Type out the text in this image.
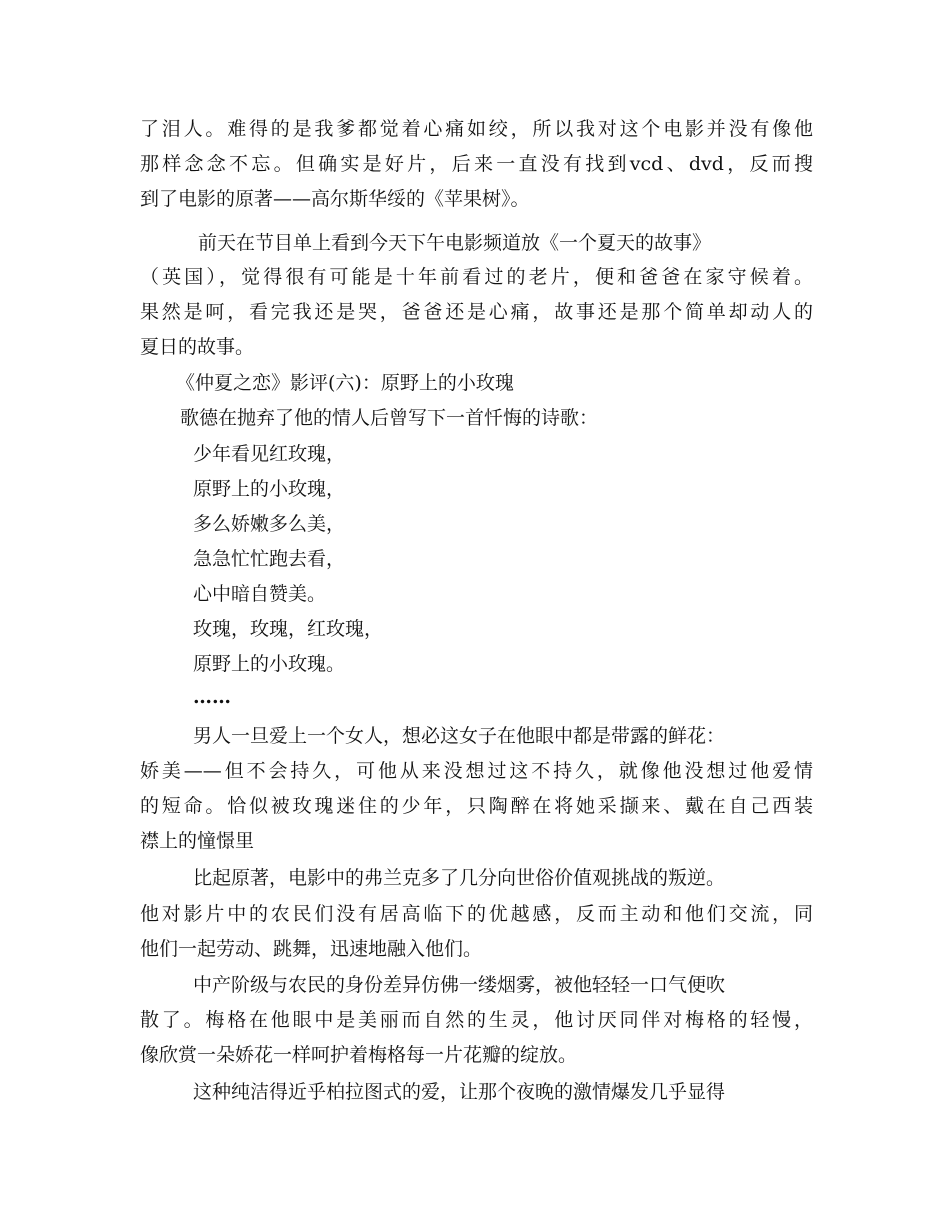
了泪人。难得的是我爹都觉着心痛如绞，所以我对这个电影并没有像他
那样念念不忘。但确实是好片，后来一直没有找到vcd、dvd，反而搜
到了电影的原著——高尔斯华绥的《苹果树》。
前天在节目单上看到今天下午电影频道放《一个夏天的故事》
（英国），觉得很有可能是十年前看过的老片，便和爸爸在家守候着。
果然是呵，看完我还是哭，爸爸还是心痛，故事还是那个简单却动人的
夏日的故事。
《仲夏之恋》影评(六)：原野上的小玫瑰
歌德在抛弃了他的情人后曾写下一首忏悔的诗歌：
少年看见红玫瑰，
原野上的小玫瑰，
多么娇嫩多么美，
急急忙忙跑去看，
心中暗自赞美。
玫瑰，玫瑰，红玫瑰，
原野上的小玫瑰。
……
男人一旦爱上一个女人，想必这女子在他眼中都是带露的鲜花：
娇美——但不会持久，可他从来没想过这不持久，就像他没想过他爱情
的短命。恰似被玫瑰迷住的少年，只陶醉在将她采撷来、戴在自己西装
襟上的憧憬里
比起原著，电影中的弗兰克多了几分向世俗价值观挑战的叛逆。
他对影片中的农民们没有居高临下的优越感，反而主动和他们交流，同
他们一起劳动、跳舞，迅速地融入他们。
中产阶级与农民的身份差异仿佛一缕烟雾，被他轻轻一口气便吹
散了。梅格在他眼中是美丽而自然的生灵，他讨厌同伴对梅格的轻慢，
像欣赏一朵娇花一样呵护着梅格每一片花瓣的绽放。
这种纯洁得近乎柏拉图式的爱，让那个夜晚的激情爆发几乎显得
